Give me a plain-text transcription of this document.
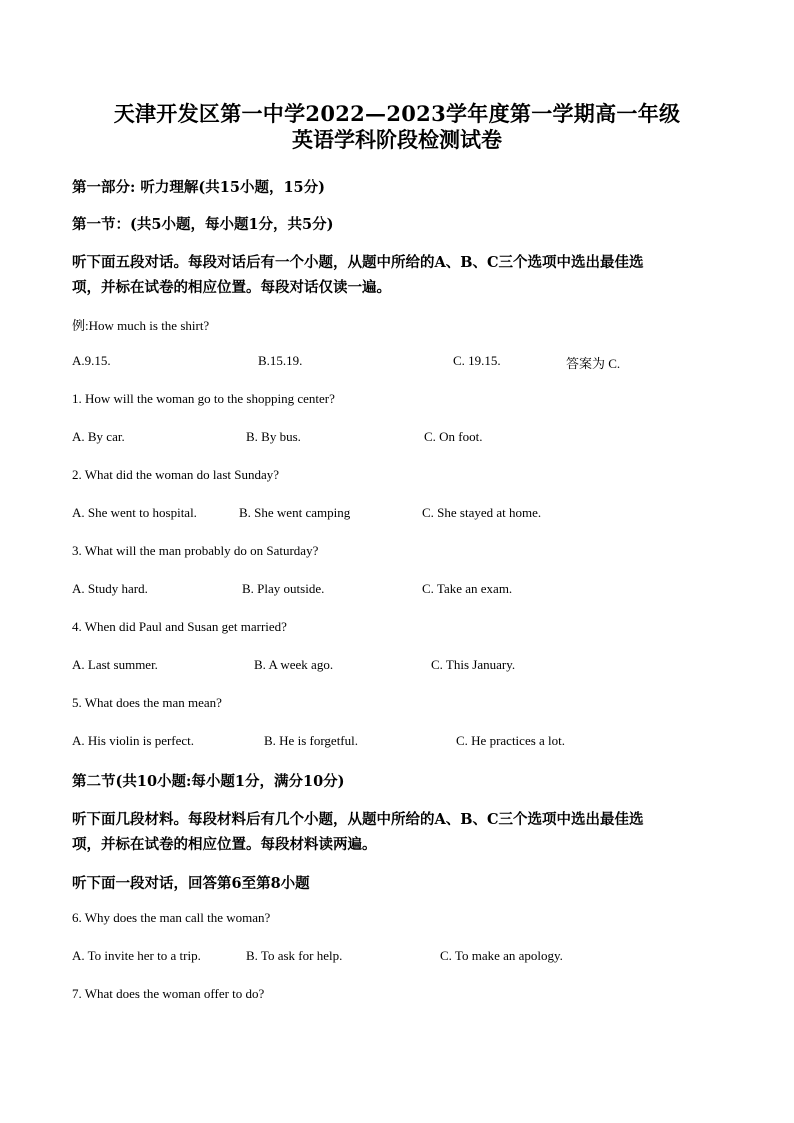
天津开发区第一中学2022—2023学年度第一学期高一年级
英语学科阶段检测试卷
第一部分: 听力理解(共15小题，15分)
第一节：(共5小题，每小题1分，共5分)
听下面五段对话。每段对话后有一个小题，从题中所给的A、B、C三个选项中选出最佳选
项，并标在试卷的相应位置。每段对话仅读一遍。
例:How much is the shirt?
A.9.15.	B.15.19.	C. 19.15.	答案为 C.
1. How will the woman go to the shopping center?
A. By car.	B. By bus.	C. On foot.
2. What did the woman do last Sunday?
A. She went to hospital.	B. She went camping	C. She stayed at home.
3. What will the man probably do on Saturday?
A. Study hard.	B. Play outside.	C. Take an exam.
4. When did Paul and Susan get married?
A. Last summer.	B. A week ago.	C. This January.
5. What does the man mean?
A. His violin is perfect.	B. He is forgetful.	C. He practices a lot.
第二节(共10小题:每小题1分，满分10分)
听下面几段材料。每段材料后有几个小题，从题中所给的A、B、C三个选项中选出最佳选
项，并标在试卷的相应位置。每段材料读两遍。
听下面一段对话，回答第6至第8小题
6. Why does the man call the woman?
A. To invite her to a trip.	B. To ask for help.	C. To make an apology.
7. What does the woman offer to do?
